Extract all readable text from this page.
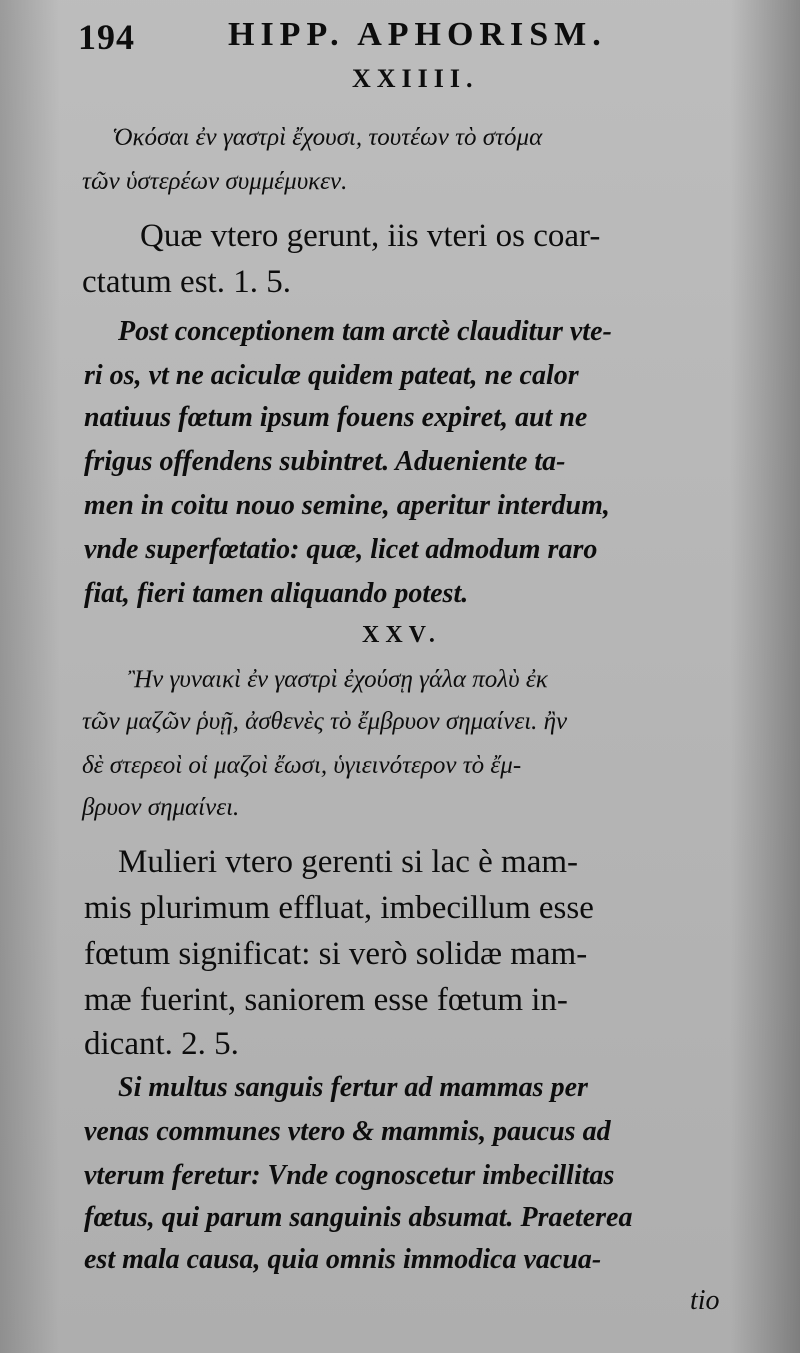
194	HIPP. APHORISM.
XXIIII.
Ὁκόσαι ἐν γαστρὶ ἔχουσι, τουτέων τὸ στόμα
τῶν ὑστερέων συμμέμυκεν.
Quæ vtero gerunt, iis vteri os coar-
ctatum est. 1. 5.
Post conceptionem tam arctè clauditur vte-
ri os, vt ne aciculæ quidem pateat, ne calor
natiuus fœtum ipsum fouens expiret, aut ne
frigus offendens subintret. Adueniente ta-
men in coitu nouo semine, aperitur interdum,
vnde superfœtatio: quæ, licet admodum raro
fiat, fieri tamen aliquando potest.
XXV.
Ἢν γυναικὶ ἐν γαστρὶ ἐχούσῃ γάλα πολὺ ἐκ
τῶν μαζῶν ῥυῇ, ἀσθενὲς τὸ ἔμβρυον σημαίνει. ἢν
δὲ στερεοὶ οἱ μαζοὶ ἔωσι, ὑγιεινότερον τὸ ἔμ-
βρυον σημαίνει.
Mulieri vtero gerenti si lac è mam-
mis plurimum effluat, imbecillum esse
fœtum significat: si verò solidæ mam-
mæ fuerint, saniorem esse fœtum in-
dicant. 2. 5.
Si multus sanguis fertur ad mammas per
venas communes vtero & mammis, paucus ad
vterum feretur: Vnde cognoscetur imbecillitas
fœtus, qui parum sanguinis absumat. Praeterea
est mala causa, quia omnis immodica vacua-
tio
